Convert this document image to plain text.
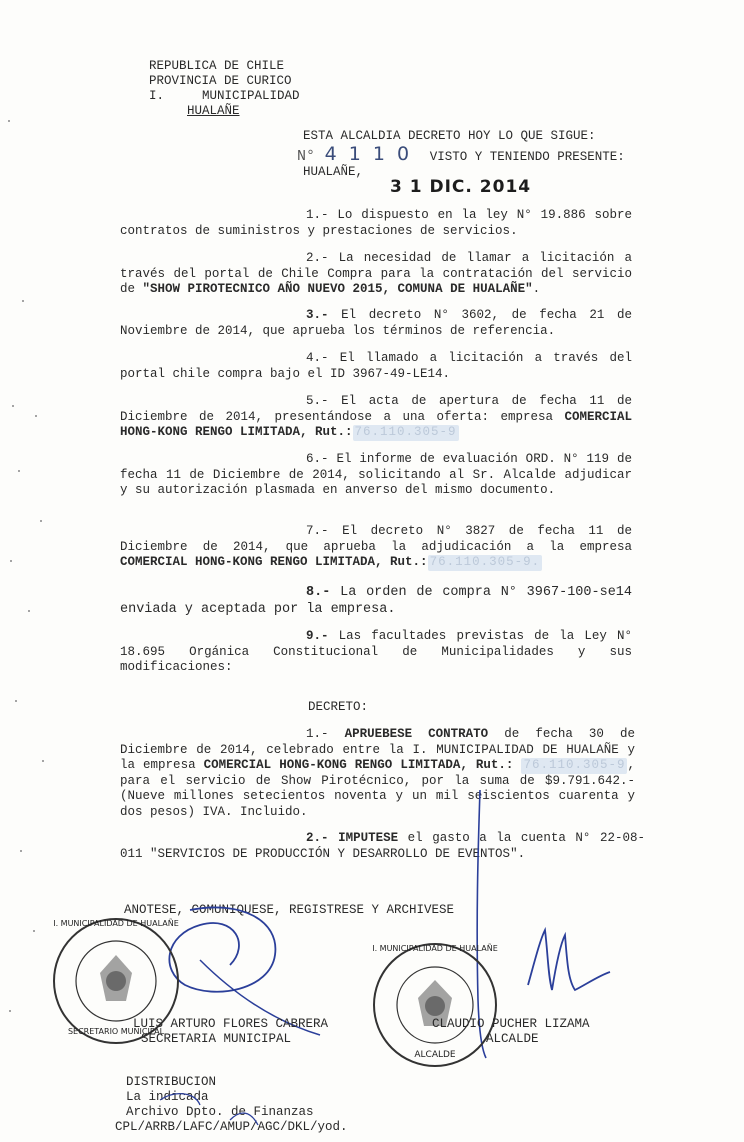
REPUBLICA DE CHILE
PROVINCIA DE CURICO
I.	MUNICIPALIDAD
HUALAÑE
ESTA ALCALDIA DECRETO HOY LO QUE SIGUE:
N° 4 1 1 0 VISTO Y TENIENDO PRESENTE:
HUALAÑE,
3 1 DIC. 2014
1.- Lo dispuesto en la ley N° 19.886 sobre contratos de suministros y prestaciones de servicios.
2.- La necesidad de llamar a licitación a través del portal de Chile Compra para la contratación del servicio de "SHOW PIROTECNICO AÑO NUEVO 2015, COMUNA DE HUALAÑE".
3.- El decreto N° 3602, de fecha 21 de Noviembre de 2014, que aprueba los términos de referencia.
4.- El llamado a licitación a través del portal chile compra bajo el ID 3967-49-LE14.
5.- El acta de apertura de fecha 11 de Diciembre de 2014, presentándose a una oferta: empresa COMERCIAL HONG-KONG RENGO LIMITADA, Rut.: 76.110.305-9
6.- El informe de evaluación ORD. N° 119 de fecha 11 de Diciembre de 2014, solicitando al Sr. Alcalde adjudicar y su autorización plasmada en anverso del mismo documento.
7.- El decreto N° 3827 de fecha 11 de Diciembre de 2014, que aprueba la adjudicación a la empresa COMERCIAL HONG-KONG RENGO LIMITADA, Rut.: 76.110.305-9.
8.- La orden de compra N° 3967-100-se14 enviada y aceptada por la empresa.
9.- Las facultades previstas de la Ley N° 18.695 Orgánica Constitucional de Municipalidades y sus modificaciones:
DECRETO:
1.- APRUEBESE CONTRATO de fecha 30 de Diciembre de 2014, celebrado entre la I. MUNICIPALIDAD DE HUALAÑE y la empresa COMERCIAL HONG-KONG RENGO LIMITADA, Rut.: 76.110.305-9 , para el servicio de Show Pirotécnico, por la suma de $9.791.642.- (Nueve millones setecientos noventa y un mil seiscientos cuarenta y dos pesos) IVA. Incluido.
2.- IMPUTESE el gasto a la cuenta N° 22-08-011 "SERVICIOS DE PRODUCCIÓN Y DESARROLLO DE EVENTOS".
ANOTESE, COMUNIQUESE, REGISTRESE Y ARCHIVESE
I. MUNICIPALIDAD DE HUALAÑE
SECRETARIO MUNICIPAL
I. MUNICIPALIDAD DE HUALAÑE
ALCALDE
LUIS ARTURO FLORES CABRERA
SECRETARIA MUNICIPAL
CLAUDIO PUCHER LIZAMA
ALCALDE
DISTRIBUCION
La indicada
Archivo Dpto. de Finanzas
CPL/ARRB/LAFC/AMUP/AGC/DKL/yod.
